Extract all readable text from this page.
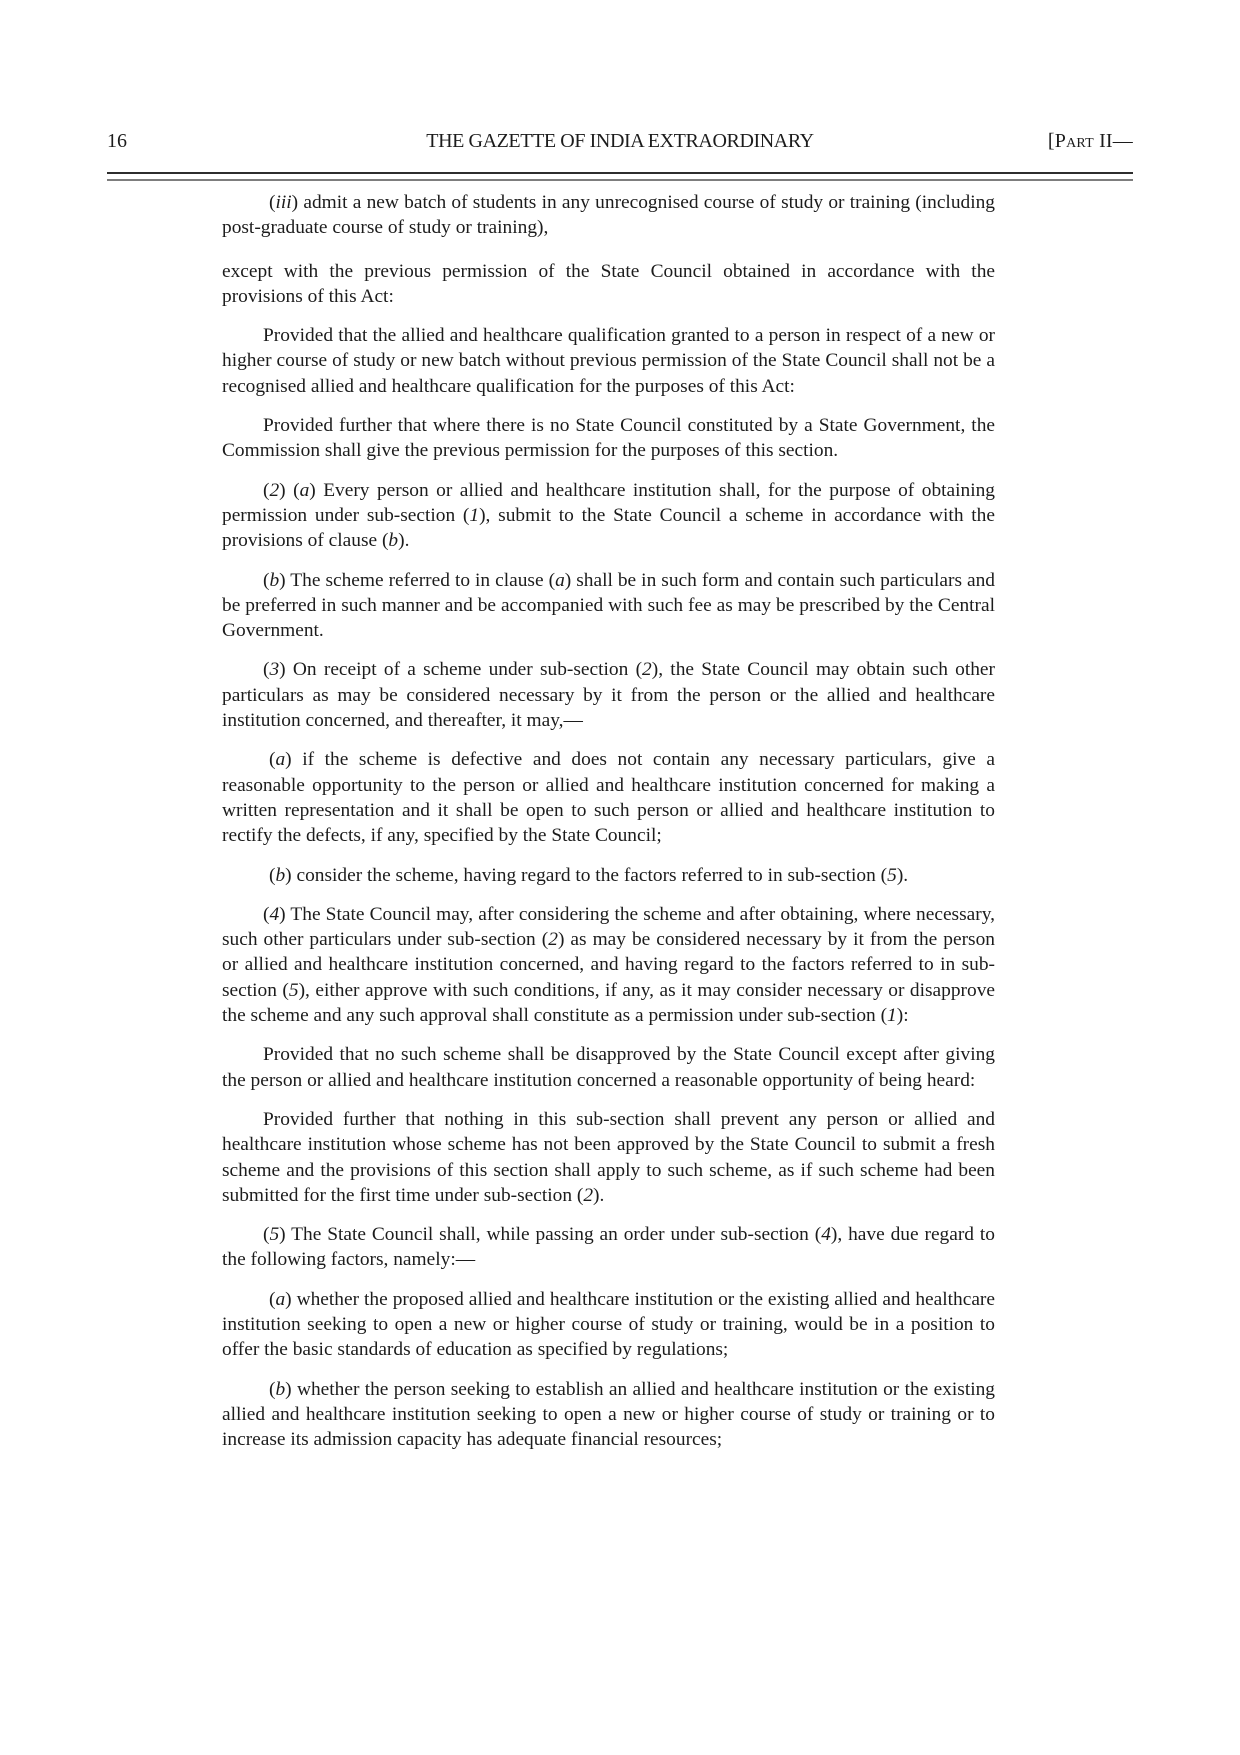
16	THE GAZETTE OF INDIA EXTRAORDINARY	[Part II—

(iii) admit a new batch of students in any unrecognised course of study or training (including post-graduate course of study or training),

except with the previous permission of the State Council obtained in accordance with the provisions of this Act:

Provided that the allied and healthcare qualification granted to a person in respect of a new or higher course of study or new batch without previous permission of the State Council shall not be a recognised allied and healthcare qualification for the purposes of this Act:

Provided further that where there is no State Council constituted by a State Government, the Commission shall give the previous permission for the purposes of this section.

(2) (a) Every person or allied and healthcare institution shall, for the purpose of obtaining permission under sub-section (1), submit to the State Council a scheme in accordance with the provisions of clause (b).

(b) The scheme referred to in clause (a) shall be in such form and contain such particulars and be preferred in such manner and be accompanied with such fee as may be prescribed by the Central Government.

(3) On receipt of a scheme under sub-section (2), the State Council may obtain such other particulars as may be considered necessary by it from the person or the allied and healthcare institution concerned, and thereafter, it may,—

(a) if the scheme is defective and does not contain any necessary particulars, give a reasonable opportunity to the person or allied and healthcare institution concerned for making a written representation and it shall be open to such person or allied and healthcare institution to rectify the defects, if any, specified by the State Council;

(b) consider the scheme, having regard to the factors referred to in sub-section (5).

(4) The State Council may, after considering the scheme and after obtaining, where necessary, such other particulars under sub-section (2) as may be considered necessary by it from the person or allied and healthcare institution concerned, and having regard to the factors referred to in sub-section (5), either approve with such conditions, if any, as it may consider necessary or disapprove the scheme and any such approval shall constitute as a permission under sub-section (1):

Provided that no such scheme shall be disapproved by the State Council except after giving the person or allied and healthcare institution concerned a reasonable opportunity of being heard:

Provided further that nothing in this sub-section shall prevent any person or allied and healthcare institution whose scheme has not been approved by the State Council to submit a fresh scheme and the provisions of this section shall apply to such scheme, as if such scheme had been submitted for the first time under sub-section (2).

(5) The State Council shall, while passing an order under sub-section (4), have due regard to the following factors, namely:—

(a) whether the proposed allied and healthcare institution or the existing allied and healthcare institution seeking to open a new or higher course of study or training, would be in a position to offer the basic standards of education as specified by regulations;

(b) whether the person seeking to establish an allied and healthcare institution or the existing allied and healthcare institution seeking to open a new or higher course of study or training or to increase its admission capacity has adequate financial resources;
